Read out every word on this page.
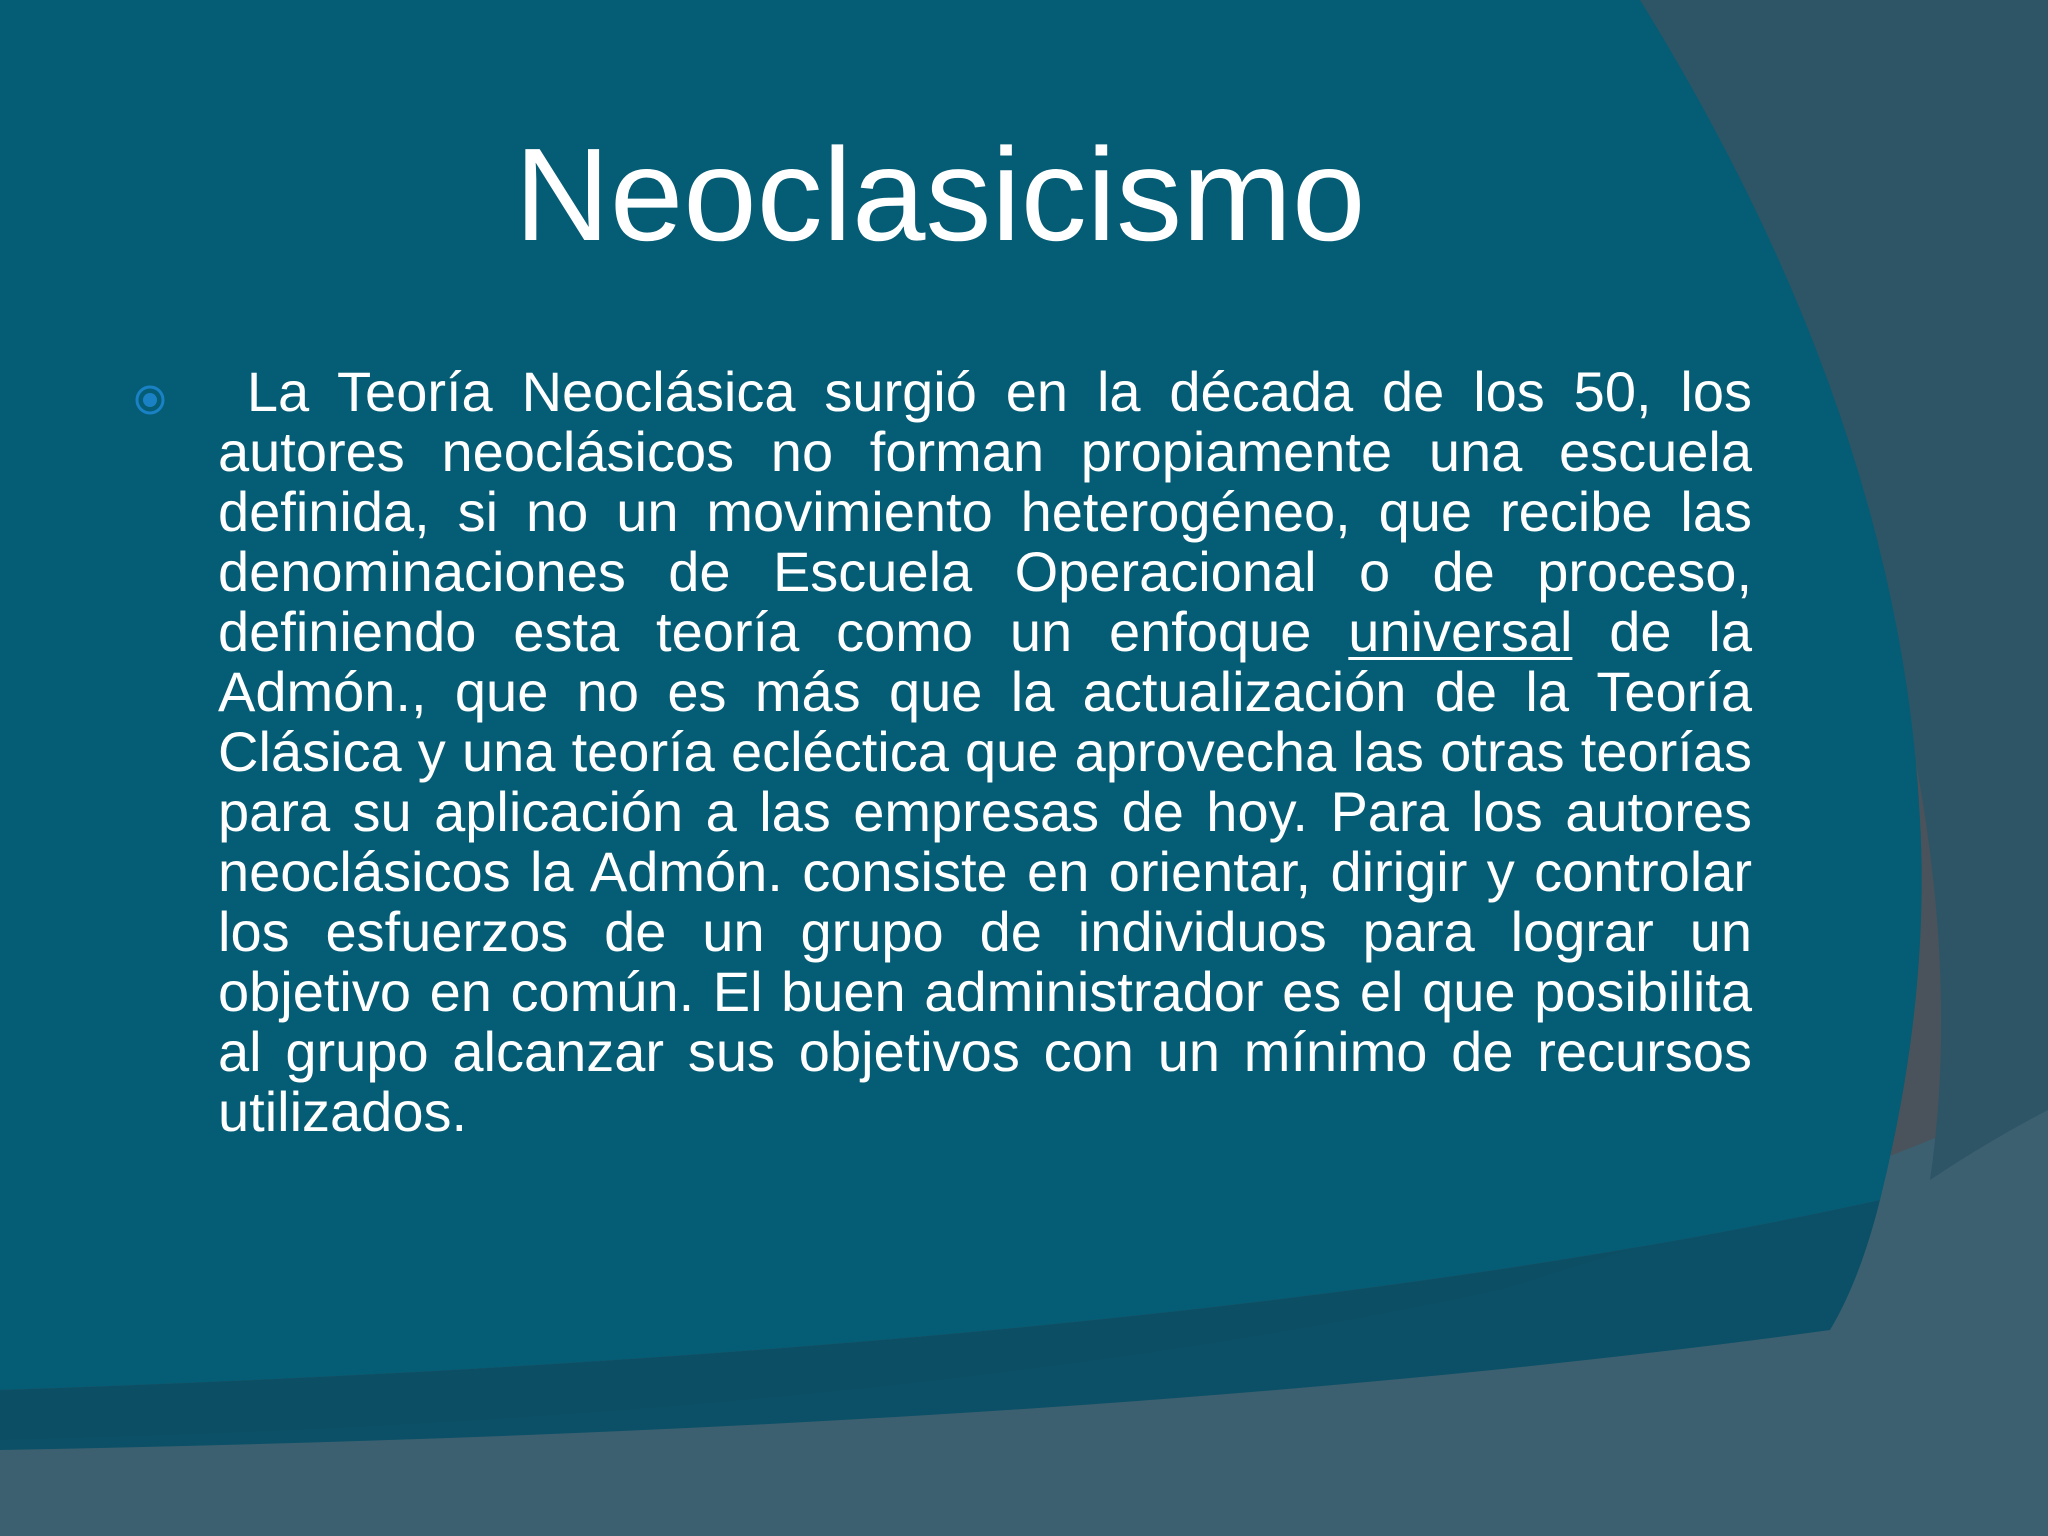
Neoclasicismo

La Teoría Neoclásica surgió en la década de los 50, los autores neoclásicos no forman propiamente una escuela definida, si no un movimiento heterogéneo, que recibe las denominaciones de Escuela Operacional o de proceso, definiendo esta teoría como un enfoque universal de la Admón., que no es más que la actualización de la Teoría Clásica y una teoría ecléctica que aprovecha las otras teorías para su aplicación a las empresas de hoy. Para los autores neoclásicos la Admón. consiste en orientar, dirigir y controlar los esfuerzos de un grupo de individuos para lograr un objetivo en común. El buen administrador es el que posibilita al grupo alcanzar sus objetivos con un mínimo de recursos utilizados.
